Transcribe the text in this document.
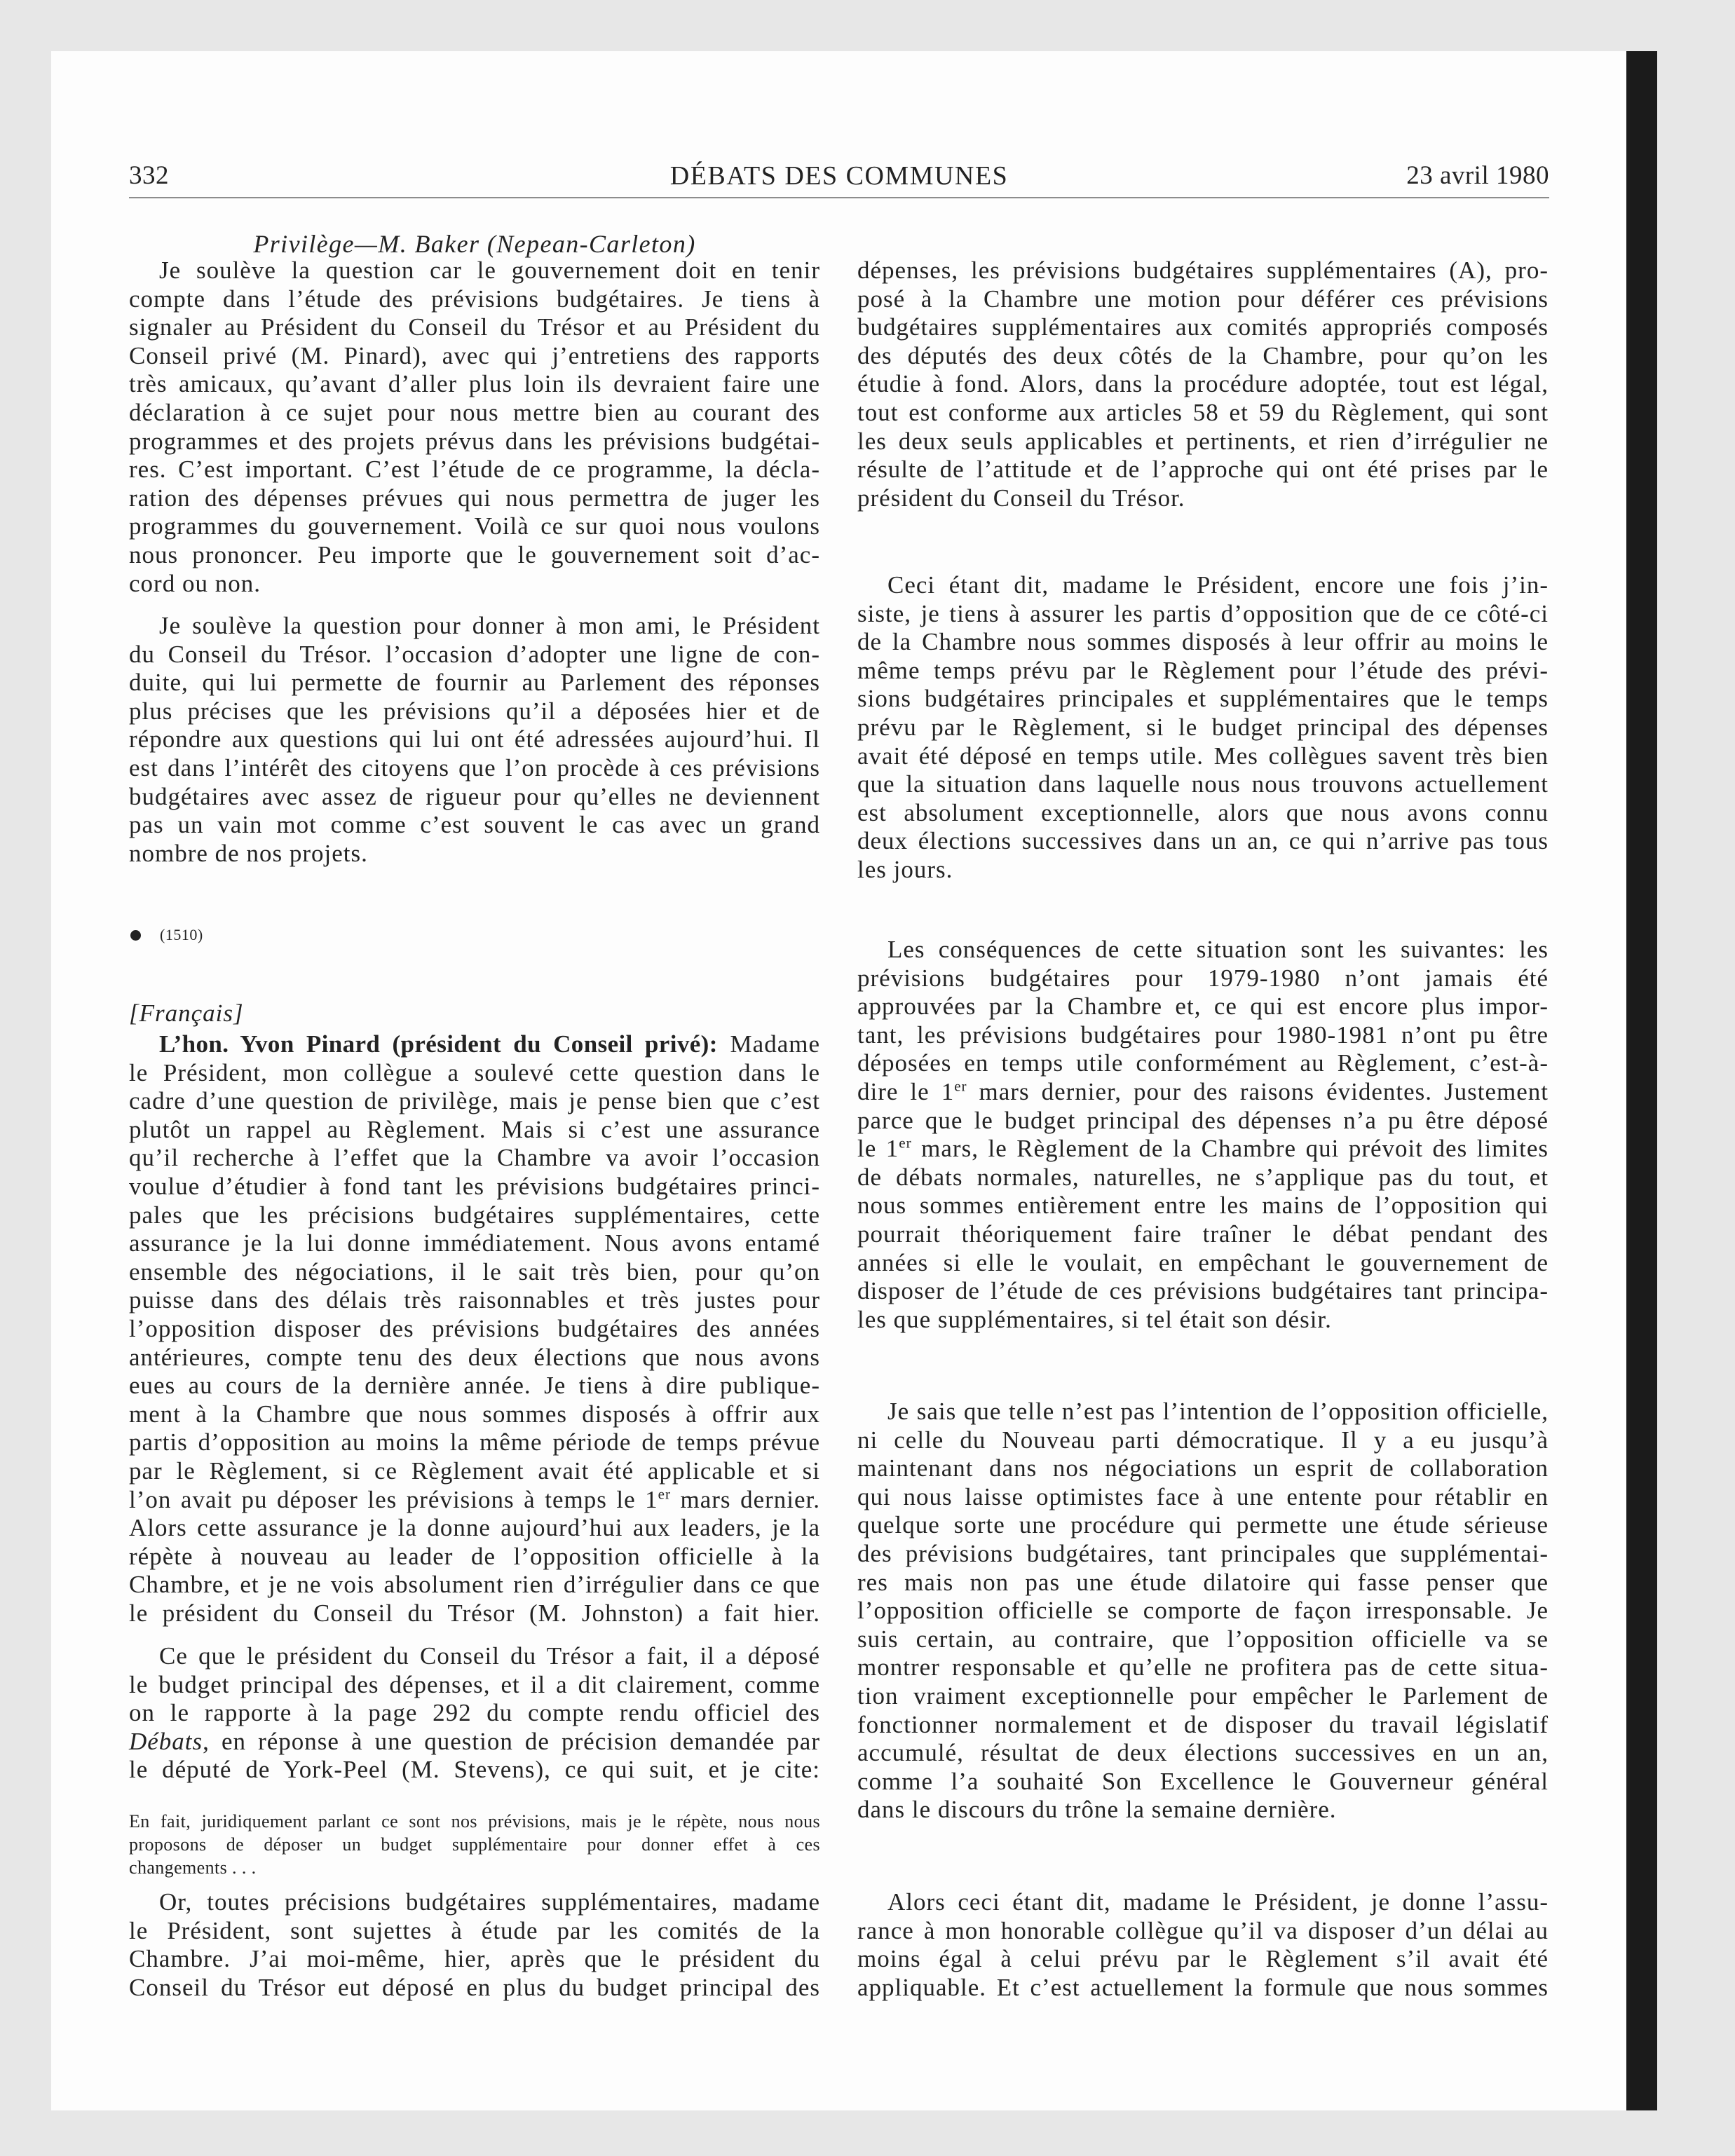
332	DÉBATS DES COMMUNES	23 avril 1980
Privilège—M. Baker (Nepean-Carleton)
Je soulève la question car le gouvernement doit en tenir
compte dans l’étude des prévisions budgétaires. Je tiens à
signaler au Président du Conseil du Trésor et au Président du
Conseil privé (M. Pinard), avec qui j’entretiens des rapports
très amicaux, qu’avant d’aller plus loin ils devraient faire une
déclaration à ce sujet pour nous mettre bien au courant des
programmes et des projets prévus dans les prévisions budgétai-
res. C’est important. C’est l’étude de ce programme, la décla-
ration des dépenses prévues qui nous permettra de juger les
programmes du gouvernement. Voilà ce sur quoi nous voulons
nous prononcer. Peu importe que le gouvernement soit d’ac-
cord ou non.
Je soulève la question pour donner à mon ami, le Président
du Conseil du Trésor. l’occasion d’adopter une ligne de con-
duite, qui lui permette de fournir au Parlement des réponses
plus précises que les prévisions qu’il a déposées hier et de
répondre aux questions qui lui ont été adressées aujourd’hui. Il
est dans l’intérêt des citoyens que l’on procède à ces prévisions
budgétaires avec assez de rigueur pour qu’elles ne deviennent
pas un vain mot comme c’est souvent le cas avec un grand
nombre de nos projets.
(1510)
[Français]
L’hon. Yvon Pinard (président du Conseil privé): Madame
le Président, mon collègue a soulevé cette question dans le
cadre d’une question de privilège, mais je pense bien que c’est
plutôt un rappel au Règlement. Mais si c’est une assurance
qu’il recherche à l’effet que la Chambre va avoir l’occasion
voulue d’étudier à fond tant les prévisions budgétaires princi-
pales que les précisions budgétaires supplémentaires, cette
assurance je la lui donne immédiatement. Nous avons entamé
ensemble des négociations, il le sait très bien, pour qu’on
puisse dans des délais très raisonnables et très justes pour
l’opposition disposer des prévisions budgétaires des années
antérieures, compte tenu des deux élections que nous avons
eues au cours de la dernière année. Je tiens à dire publique-
ment à la Chambre que nous sommes disposés à offrir aux
partis d’opposition au moins la même période de temps prévue
par le Règlement, si ce Règlement avait été applicable et si
l’on avait pu déposer les prévisions à temps le 1er mars dernier.
Alors cette assurance je la donne aujourd’hui aux leaders, je la
répète à nouveau au leader de l’opposition officielle à la
Chambre, et je ne vois absolument rien d’irrégulier dans ce que
le président du Conseil du Trésor (M. Johnston) a fait hier.
Ce que le président du Conseil du Trésor a fait, il a déposé
le budget principal des dépenses, et il a dit clairement, comme
on le rapporte à la page 292 du compte rendu officiel des
Débats, en réponse à une question de précision demandée par
le député de York-Peel (M. Stevens), ce qui suit, et je cite:
En fait, juridiquement parlant ce sont nos prévisions, mais je le répète, nous nous
proposons de déposer un budget supplémentaire pour donner effet à ces
changements . . .
Or, toutes précisions budgétaires supplémentaires, madame
le Président, sont sujettes à étude par les comités de la
Chambre. J’ai moi-même, hier, après que le président du
Conseil du Trésor eut déposé en plus du budget principal des
dépenses, les prévisions budgétaires supplémentaires (A), pro-
posé à la Chambre une motion pour déférer ces prévisions
budgétaires supplémentaires aux comités appropriés composés
des députés des deux côtés de la Chambre, pour qu’on les
étudie à fond. Alors, dans la procédure adoptée, tout est légal,
tout est conforme aux articles 58 et 59 du Règlement, qui sont
les deux seuls applicables et pertinents, et rien d’irrégulier ne
résulte de l’attitude et de l’approche qui ont été prises par le
président du Conseil du Trésor.
Ceci étant dit, madame le Président, encore une fois j’in-
siste, je tiens à assurer les partis d’opposition que de ce côté-ci
de la Chambre nous sommes disposés à leur offrir au moins le
même temps prévu par le Règlement pour l’étude des prévi-
sions budgétaires principales et supplémentaires que le temps
prévu par le Règlement, si le budget principal des dépenses
avait été déposé en temps utile. Mes collègues savent très bien
que la situation dans laquelle nous nous trouvons actuellement
est absolument exceptionnelle, alors que nous avons connu
deux élections successives dans un an, ce qui n’arrive pas tous
les jours.
Les conséquences de cette situation sont les suivantes: les
prévisions budgétaires pour 1979-1980 n’ont jamais été
approuvées par la Chambre et, ce qui est encore plus impor-
tant, les prévisions budgétaires pour 1980-1981 n’ont pu être
déposées en temps utile conformément au Règlement, c’est-à-
dire le 1er mars dernier, pour des raisons évidentes. Justement
parce que le budget principal des dépenses n’a pu être déposé
le 1er mars, le Règlement de la Chambre qui prévoit des limites
de débats normales, naturelles, ne s’applique pas du tout, et
nous sommes entièrement entre les mains de l’opposition qui
pourrait théoriquement faire traîner le débat pendant des
années si elle le voulait, en empêchant le gouvernement de
disposer de l’étude de ces prévisions budgétaires tant principa-
les que supplémentaires, si tel était son désir.
Je sais que telle n’est pas l’intention de l’opposition officielle,
ni celle du Nouveau parti démocratique. Il y a eu jusqu’à
maintenant dans nos négociations un esprit de collaboration
qui nous laisse optimistes face à une entente pour rétablir en
quelque sorte une procédure qui permette une étude sérieuse
des prévisions budgétaires, tant principales que supplémentai-
res mais non pas une étude dilatoire qui fasse penser que
l’opposition officielle se comporte de façon irresponsable. Je
suis certain, au contraire, que l’opposition officielle va se
montrer responsable et qu’elle ne profitera pas de cette situa-
tion vraiment exceptionnelle pour empêcher le Parlement de
fonctionner normalement et de disposer du travail législatif
accumulé, résultat de deux élections successives en un an,
comme l’a souhaité Son Excellence le Gouverneur général
dans le discours du trône la semaine dernière.
Alors ceci étant dit, madame le Président, je donne l’assu-
rance à mon honorable collègue qu’il va disposer d’un délai au
moins égal à celui prévu par le Règlement s’il avait été
appliquable. Et c’est actuellement la formule que nous sommes
